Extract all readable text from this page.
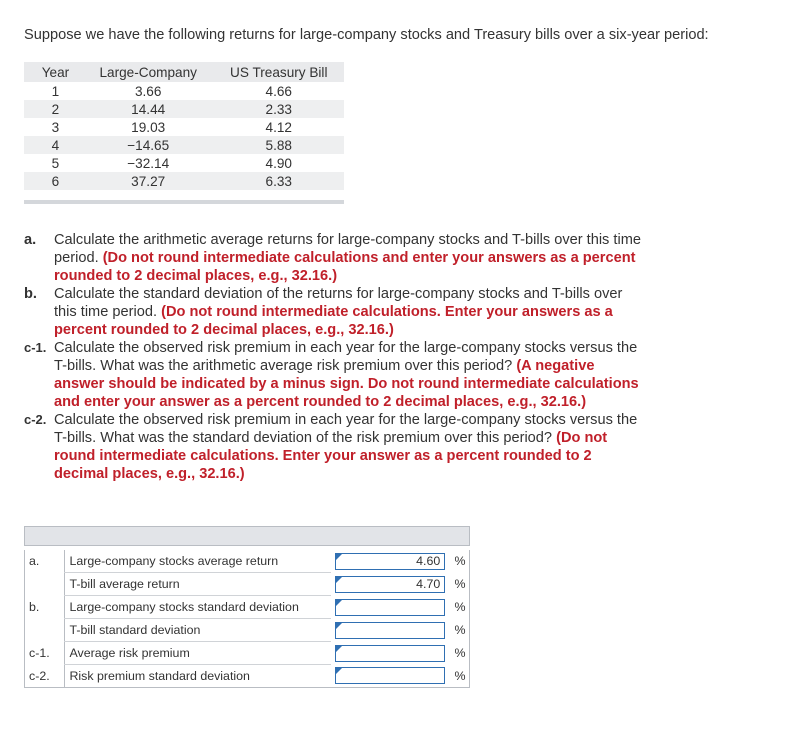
Suppose we have the following returns for large-company stocks and Treasury bills over a six-year period:
Year	Large-Company	US Treasury Bill
1	3.66	4.66
2	14.44	2.33
3	19.03	4.12
4	−14.65	5.88
5	−32.14	4.90
6	37.27	6.33
a.	Calculate the arithmetic average returns for large-company stocks and T-bills over this time period. (Do not round intermediate calculations and enter your answers as a percent rounded to 2 decimal places, e.g., 32.16.)
b.	Calculate the standard deviation of the returns for large-company stocks and T-bills over this time period. (Do not round intermediate calculations. Enter your answers as a percent rounded to 2 decimal places, e.g., 32.16.)
c-1. Calculate the observed risk premium in each year for the large-company stocks versus the T-bills. What was the arithmetic average risk premium over this period? (A negative answer should be indicated by a minus sign. Do not round intermediate calculations and enter your answer as a percent rounded to 2 decimal places, e.g., 32.16.)
c-2. Calculate the observed risk premium in each year for the large-company stocks versus the T-bills. What was the standard deviation of the risk premium over this period? (Do not round intermediate calculations. Enter your answer as a percent rounded to 2 decimal places, e.g., 32.16.)
a.	Large-company stocks average return	4.60	%
	T-bill average return	4.70	%
b.	Large-company stocks standard deviation		%
	T-bill standard deviation		%
c-1.	Average risk premium		%
c-2.	Risk premium standard deviation		%
